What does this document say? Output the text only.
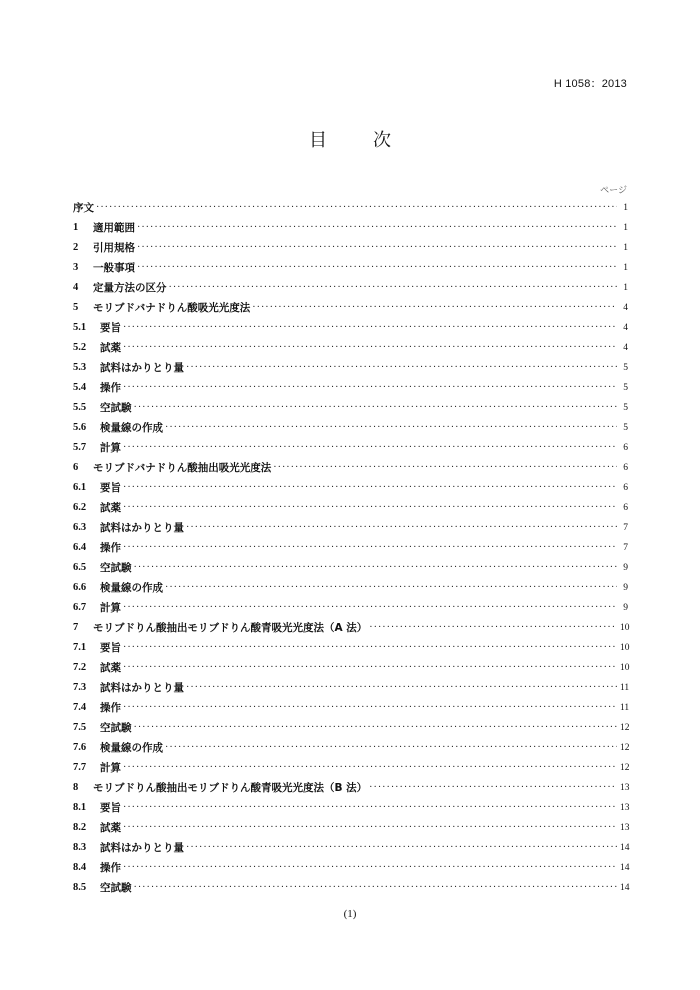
H 1058：2013
目　次
ページ
序文 ·····	1
1	適用範囲 ·····	1
2	引用規格 ·····	1
3	一般事項 ·····	1
4	定量方法の区分 ·····	1
5	モリブドバナドりん酸吸光光度法 ·····	4
5.1	要旨 ·····	4
5.2	試薬 ·····	4
5.3	試料はかりとり量 ·····	5
5.4	操作 ·····	5
5.5	空試験 ·····	5
5.6	検量線の作成 ·····	5
5.7	計算 ·····	6
6	モリブドバナドりん酸抽出吸光光度法 ·····	6
6.1	要旨 ·····	6
6.2	試薬 ·····	6
6.3	試料はかりとり量 ·····	7
6.4	操作 ·····	7
6.5	空試験 ·····	9
6.6	検量線の作成 ·····	9
6.7	計算 ·····	9
7	モリブドりん酸抽出モリブドりん酸青吸光光度法（A 法） ·····	10
7.1	要旨 ·····	10
7.2	試薬 ·····	10
7.3	試料はかりとり量 ·····	11
7.4	操作 ·····	11
7.5	空試験 ·····	12
7.6	検量線の作成 ·····	12
7.7	計算 ·····	12
8	モリブドりん酸抽出モリブドりん酸青吸光光度法（B 法） ·····	13
8.1	要旨 ·····	13
8.2	試薬 ·····	13
8.3	試料はかりとり量 ·····	14
8.4	操作 ·····	14
8.5	空試験 ·····	14
(1)
